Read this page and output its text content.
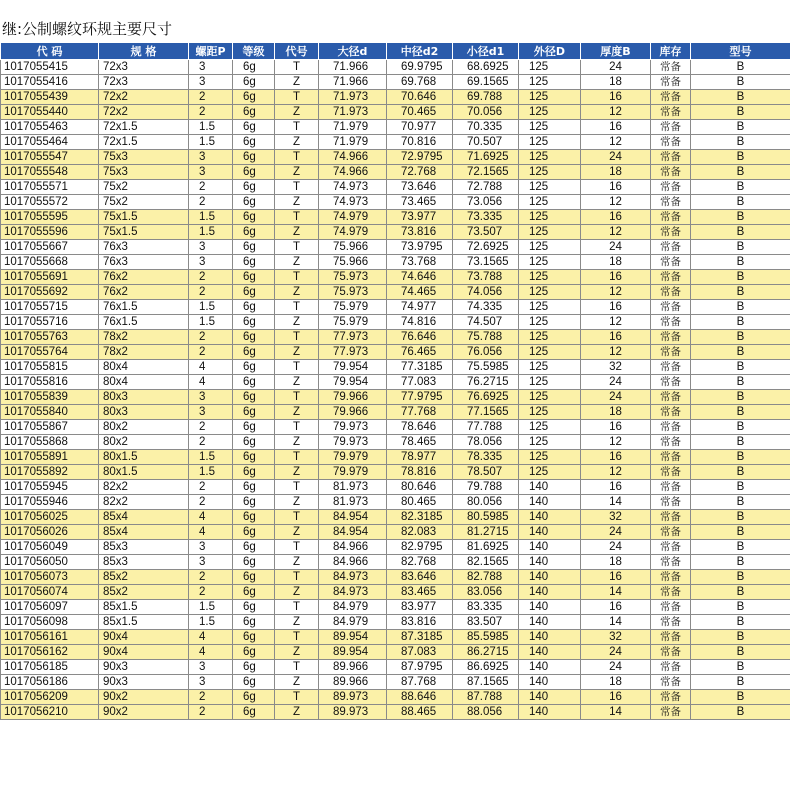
继:公制螺纹环规主要尺寸
代 码	规 格	螺距P	等级	代号	大径d	中径d2	小径d1	外径D	厚度B	库存	型号
1017055415	72x3	3	6g	T	71.966	69.9795	68.6925	125	24	常备	B
1017055416	72x3	3	6g	Z	71.966	69.768	69.1565	125	18	常备	B
1017055439	72x2	2	6g	T	71.973	70.646	69.788	125	16	常备	B
1017055440	72x2	2	6g	Z	71.973	70.465	70.056	125	12	常备	B
1017055463	72x1.5	1.5	6g	T	71.979	70.977	70.335	125	16	常备	B
1017055464	72x1.5	1.5	6g	Z	71.979	70.816	70.507	125	12	常备	B
1017055547	75x3	3	6g	T	74.966	72.9795	71.6925	125	24	常备	B
1017055548	75x3	3	6g	Z	74.966	72.768	72.1565	125	18	常备	B
1017055571	75x2	2	6g	T	74.973	73.646	72.788	125	16	常备	B
1017055572	75x2	2	6g	Z	74.973	73.465	73.056	125	12	常备	B
1017055595	75x1.5	1.5	6g	T	74.979	73.977	73.335	125	16	常备	B
1017055596	75x1.5	1.5	6g	Z	74.979	73.816	73.507	125	12	常备	B
1017055667	76x3	3	6g	T	75.966	73.9795	72.6925	125	24	常备	B
1017055668	76x3	3	6g	Z	75.966	73.768	73.1565	125	18	常备	B
1017055691	76x2	2	6g	T	75.973	74.646	73.788	125	16	常备	B
1017055692	76x2	2	6g	Z	75.973	74.465	74.056	125	12	常备	B
1017055715	76x1.5	1.5	6g	T	75.979	74.977	74.335	125	16	常备	B
1017055716	76x1.5	1.5	6g	Z	75.979	74.816	74.507	125	12	常备	B
1017055763	78x2	2	6g	T	77.973	76.646	75.788	125	16	常备	B
1017055764	78x2	2	6g	Z	77.973	76.465	76.056	125	12	常备	B
1017055815	80x4	4	6g	T	79.954	77.3185	75.5985	125	32	常备	B
1017055816	80x4	4	6g	Z	79.954	77.083	76.2715	125	24	常备	B
1017055839	80x3	3	6g	T	79.966	77.9795	76.6925	125	24	常备	B
1017055840	80x3	3	6g	Z	79.966	77.768	77.1565	125	18	常备	B
1017055867	80x2	2	6g	T	79.973	78.646	77.788	125	16	常备	B
1017055868	80x2	2	6g	Z	79.973	78.465	78.056	125	12	常备	B
1017055891	80x1.5	1.5	6g	T	79.979	78.977	78.335	125	16	常备	B
1017055892	80x1.5	1.5	6g	Z	79.979	78.816	78.507	125	12	常备	B
1017055945	82x2	2	6g	T	81.973	80.646	79.788	140	16	常备	B
1017055946	82x2	2	6g	Z	81.973	80.465	80.056	140	14	常备	B
1017056025	85x4	4	6g	T	84.954	82.3185	80.5985	140	32	常备	B
1017056026	85x4	4	6g	Z	84.954	82.083	81.2715	140	24	常备	B
1017056049	85x3	3	6g	T	84.966	82.9795	81.6925	140	24	常备	B
1017056050	85x3	3	6g	Z	84.966	82.768	82.1565	140	18	常备	B
1017056073	85x2	2	6g	T	84.973	83.646	82.788	140	16	常备	B
1017056074	85x2	2	6g	Z	84.973	83.465	83.056	140	14	常备	B
1017056097	85x1.5	1.5	6g	T	84.979	83.977	83.335	140	16	常备	B
1017056098	85x1.5	1.5	6g	Z	84.979	83.816	83.507	140	14	常备	B
1017056161	90x4	4	6g	T	89.954	87.3185	85.5985	140	32	常备	B
1017056162	90x4	4	6g	Z	89.954	87.083	86.2715	140	24	常备	B
1017056185	90x3	3	6g	T	89.966	87.9795	86.6925	140	24	常备	B
1017056186	90x3	3	6g	Z	89.966	87.768	87.1565	140	18	常备	B
1017056209	90x2	2	6g	T	89.973	88.646	87.788	140	16	常备	B
1017056210	90x2	2	6g	Z	89.973	88.465	88.056	140	14	常备	B
